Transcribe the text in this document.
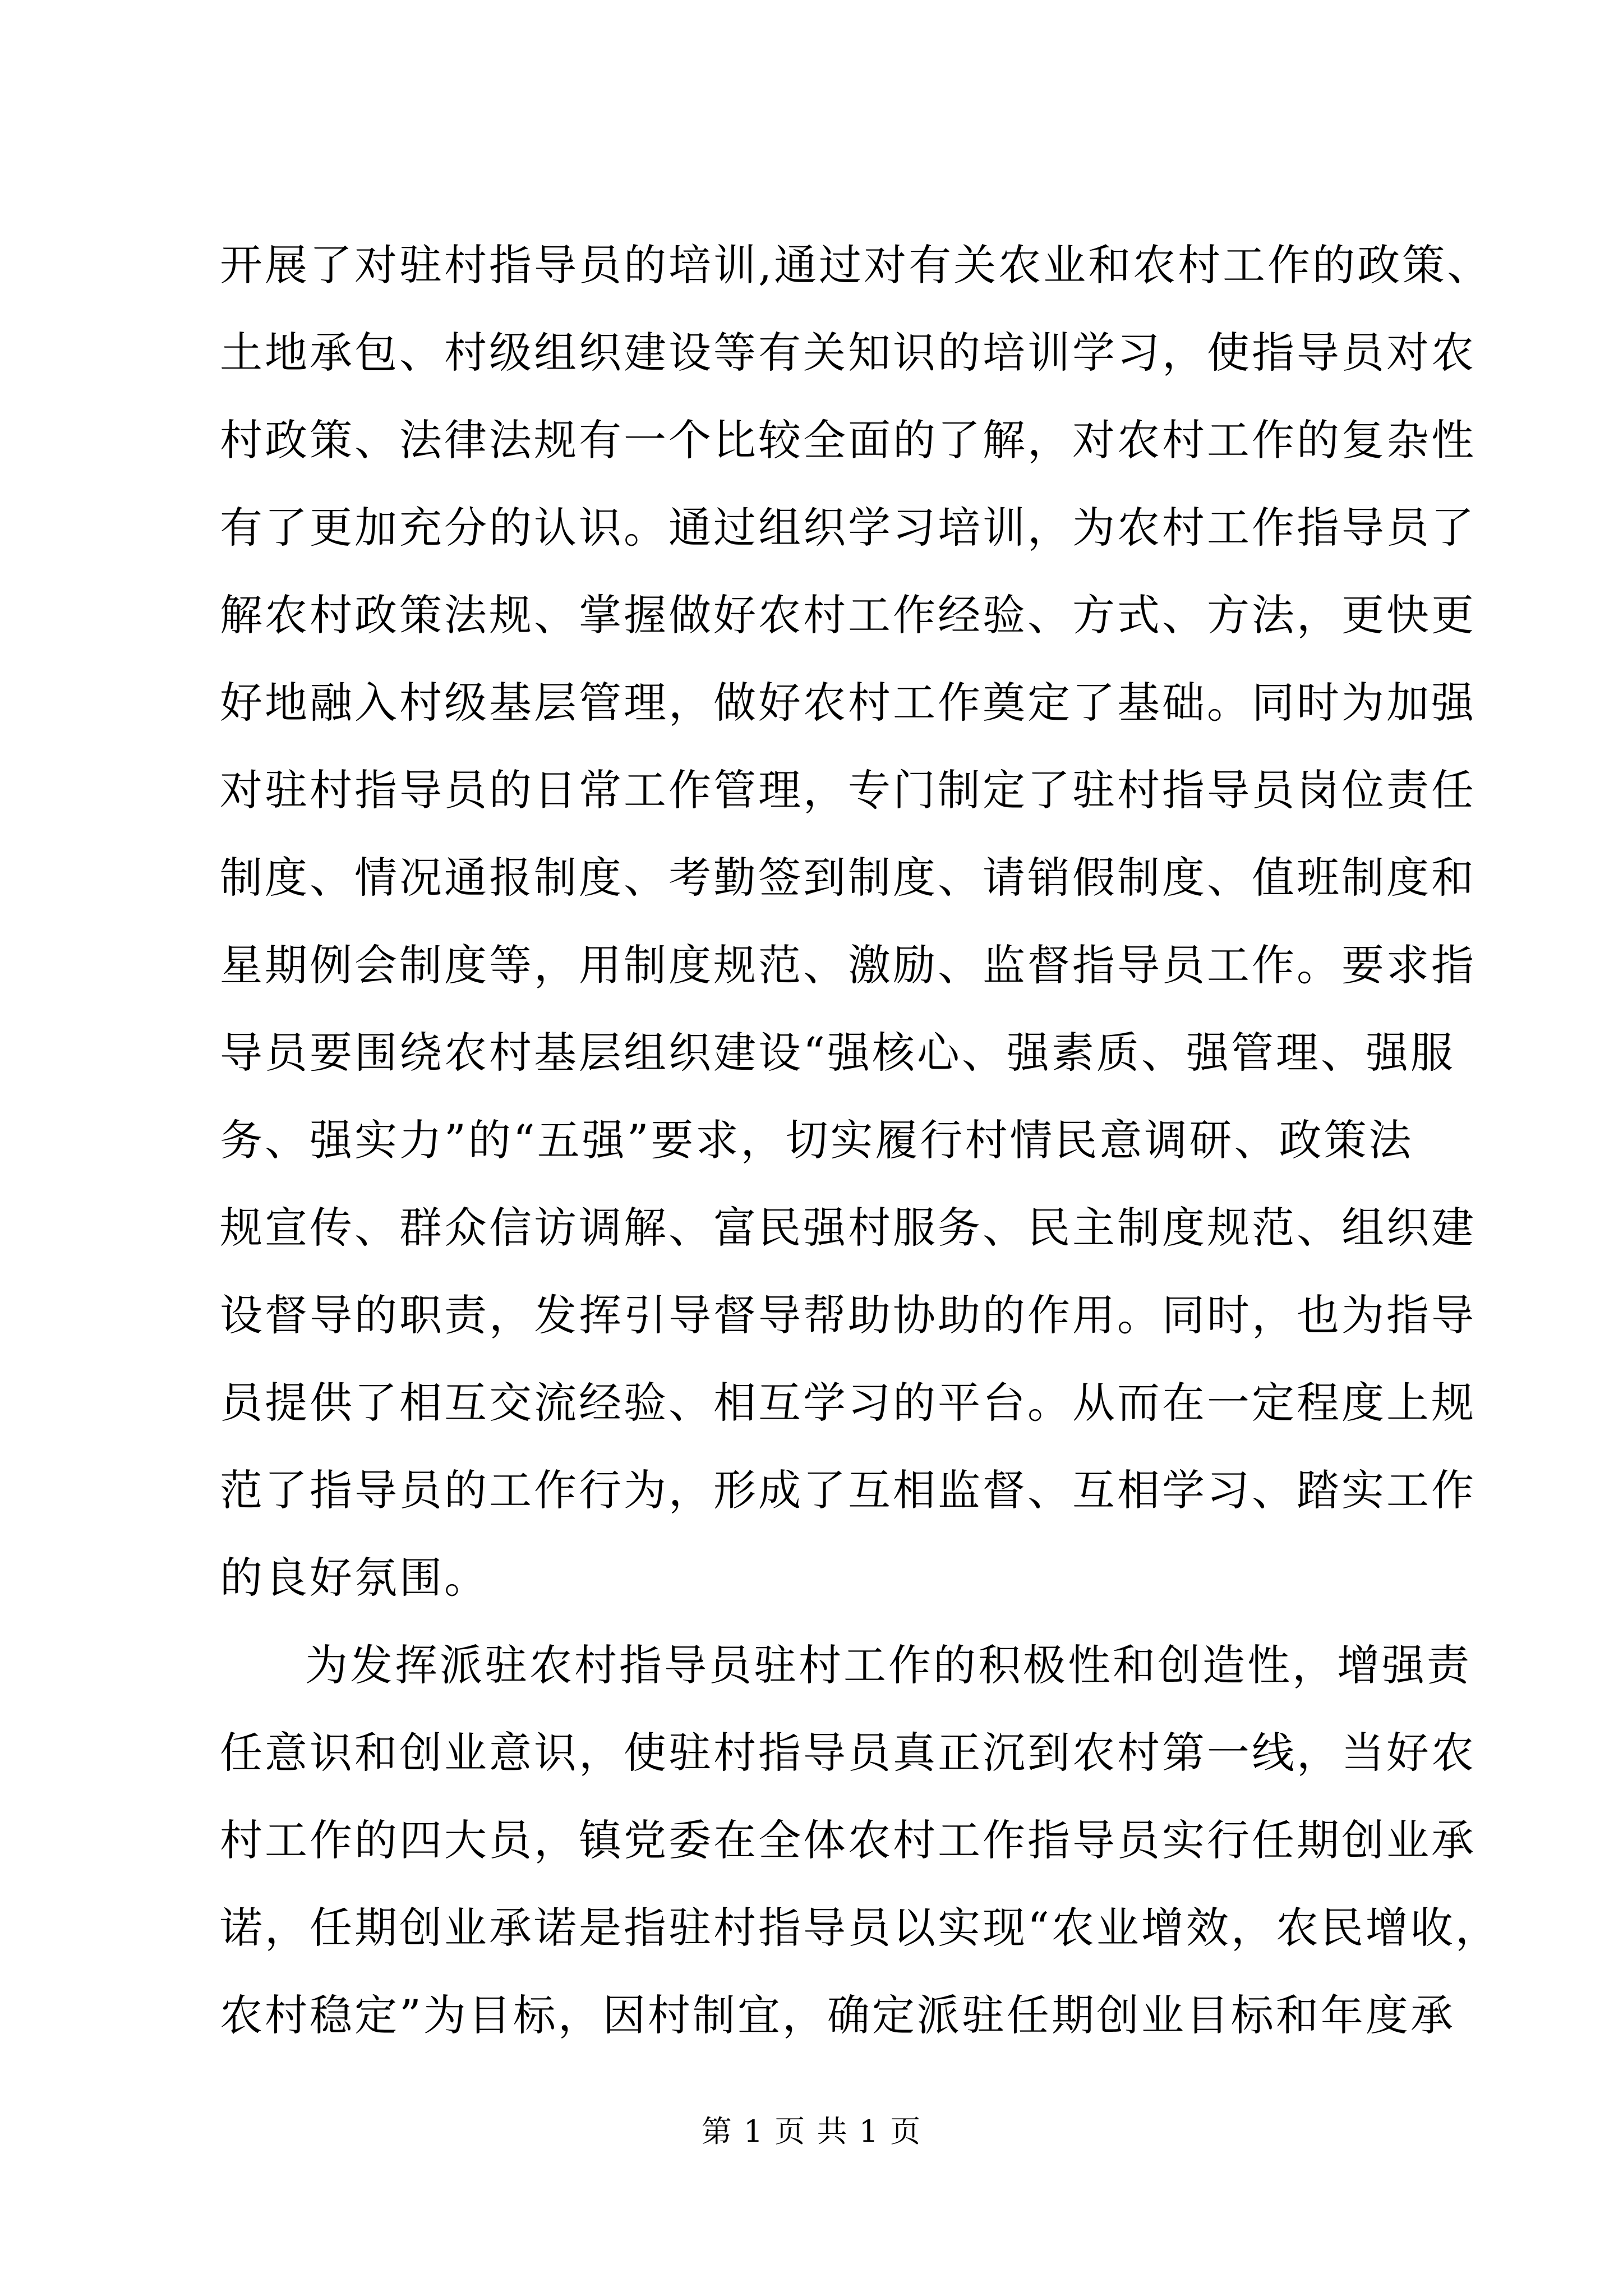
开展了对驻村指导员的培训,通过对有关农业和农村工作的政策、
土地承包、村级组织建设等有关知识的培训学习，使指导员对农
村政策、法律法规有一个比较全面的了解，对农村工作的复杂性
有了更加充分的认识。通过组织学习培训，为农村工作指导员了
解农村政策法规、掌握做好农村工作经验、方式、方法，更快更
好地融入村级基层管理，做好农村工作奠定了基础。同时为加强
对驻村指导员的日常工作管理，专门制定了驻村指导员岗位责任
制度、情况通报制度、考勤签到制度、请销假制度、值班制度和
星期例会制度等，用制度规范、激励、监督指导员工作。要求指
导员要围绕农村基层组织建设“强核心、强素质、强管理、强服
务、强实力”的“五强”要求，切实履行村情民意调研、政策法
规宣传、群众信访调解、富民强村服务、民主制度规范、组织建
设督导的职责，发挥引导督导帮助协助的作用。同时，也为指导
员提供了相互交流经验、相互学习的平台。从而在一定程度上规
范了指导员的工作行为，形成了互相监督、互相学习、踏实工作
的良好氛围。
为发挥派驻农村指导员驻村工作的积极性和创造性，增强责
任意识和创业意识，使驻村指导员真正沉到农村第一线，当好农
村工作的四大员，镇党委在全体农村工作指导员实行任期创业承
诺，任期创业承诺是指驻村指导员以实现“农业增效，农民增收，
农村稳定”为目标，因村制宜，确定派驻任期创业目标和年度承
第 1 页 共 1 页
